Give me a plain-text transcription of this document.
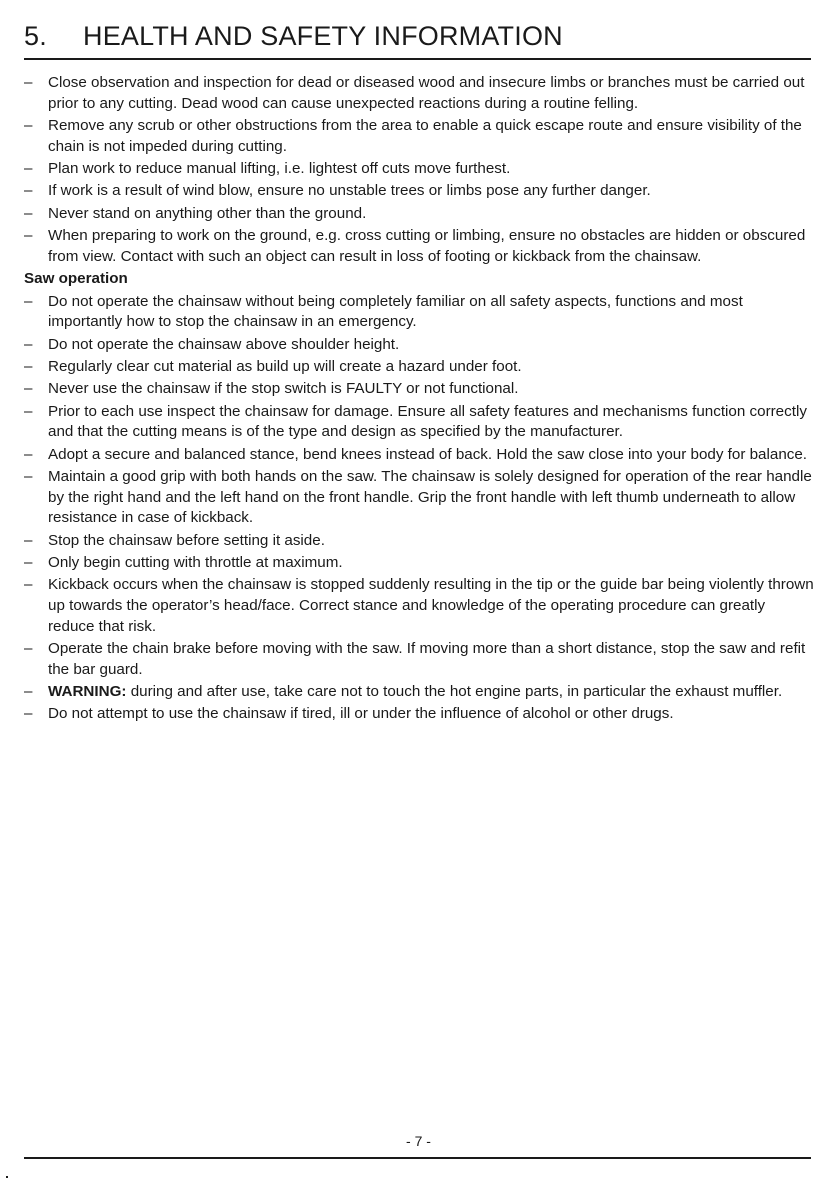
5. HEALTH AND SAFETY INFORMATION
– Close observation and inspection for dead or diseased wood and insecure limbs or branches must be carried out prior to any cutting. Dead wood can cause unexpected reactions during a routine felling.
– Remove any scrub or other obstructions from the area to enable a quick escape route and ensure visibility of the chain is not impeded during cutting.
– Plan work to reduce manual lifting, i.e. lightest off cuts move furthest.
– If work is a result of wind blow, ensure no unstable trees or limbs pose any further danger.
– Never stand on anything other than the ground.
– When preparing to work on the ground, e.g. cross cutting or limbing, ensure no obstacles are hidden or obscured from view. Contact with such an object can result in loss of footing or kickback from the chainsaw.
Saw operation
– Do not operate the chainsaw without being completely familiar on all safety aspects, functions and most importantly how to stop the chainsaw in an emergency.
– Do not operate the chainsaw above shoulder height.
– Regularly clear cut material as build up will create a hazard under foot.
– Never use the chainsaw if the stop switch is FAULTY or not functional.
– Prior to each use inspect the chainsaw for damage. Ensure all safety features and mechanisms function correctly and that the cutting means is of the type and design as specified by the manufacturer.
– Adopt a secure and balanced stance, bend knees instead of back. Hold the saw close into your body for balance.
– Maintain a good grip with both hands on the saw. The chainsaw is solely designed for operation of the rear handle by the right hand and the left hand on the front handle. Grip the front handle with left thumb underneath to allow resistance in case of kickback.
– Stop the chainsaw before setting it aside.
– Only begin cutting with throttle at maximum.
– Kickback occurs when the chainsaw is stopped suddenly resulting in the tip or the guide bar being violently thrown up towards the operator’s head/face. Correct stance and knowledge of the operating procedure can greatly reduce that risk.
– Operate the chain brake before moving with the saw. If moving more than a short distance, stop the saw and refit the bar guard.
– WARNING: during and after use, take care not to touch the hot engine parts, in particular the exhaust muffler.
– Do not attempt to use the chainsaw if tired, ill or under the influence of alcohol or other drugs.
- 7 -
